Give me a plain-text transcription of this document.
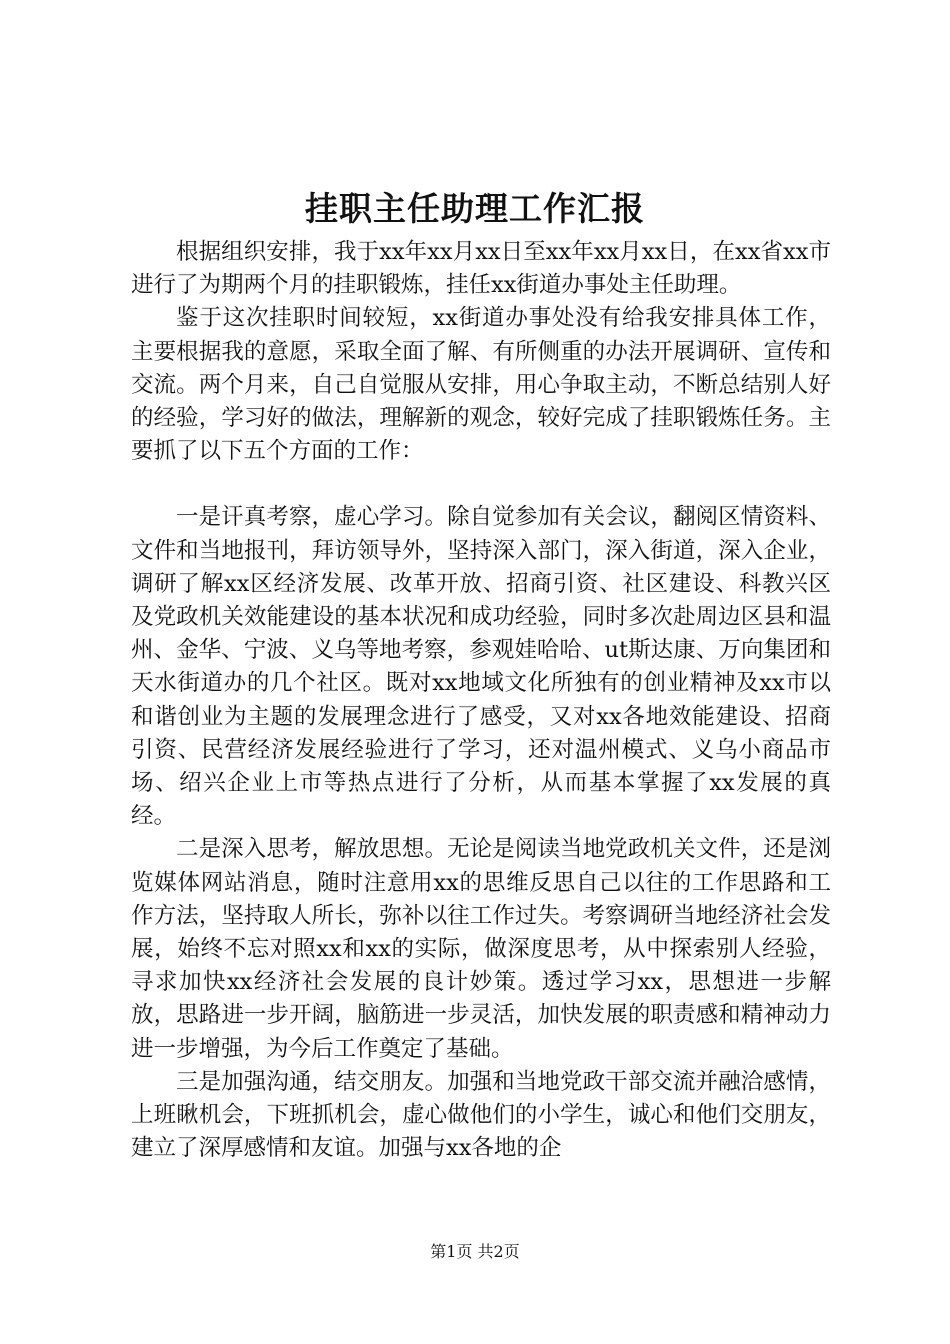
挂职主任助理工作汇报

根据组织安排，我于xx年xx月xx日至xx年xx月xx日，在xx省xx市进行了为期两个月的挂职锻炼，挂任xx街道办事处主任助理。

鉴于这次挂职时间较短，xx街道办事处没有给我安排具体工作，主要根据我的意愿，采取全面了解、有所侧重的办法开展调研、宣传和交流。两个月来，自己自觉服从安排，用心争取主动，不断总结别人好的经验，学习好的做法，理解新的观念，较好完成了挂职锻炼任务。主要抓了以下五个方面的工作：

一是讦真考察，虚心学习。除自觉参加有关会议，翻阅区情资料、文件和当地报刊，拜访领导外，坚持深入部门，深入街道，深入企业，调研了解xx区经济发展、改革开放、招商引资、社区建设、科教兴区及党政机关效能建设的基本状况和成功经验，同时多次赴周边区县和温州、金华、宁波、义乌等地考察，参观娃哈哈、ut斯达康、万向集团和天水街道办的几个社区。既对xx地域文化所独有的创业精神及xx市以和谐创业为主题的发展理念进行了感受，又对xx各地效能建设、招商引资、民营经济发展经验进行了学习，还对温州模式、义乌小商品市场、绍兴企业上市等热点进行了分析，从而基本掌握了xx发展的真经。

二是深入思考，解放思想。无论是阅读当地党政机关文件，还是浏览媒体网站消息，随时注意用xx的思维反思自己以往的工作思路和工作方法，坚持取人所长，弥补以往工作过失。考察调研当地经济社会发展，始终不忘对照xx和xx的实际，做深度思考，从中探索别人经验，寻求加快xx经济社会发展的良计妙策。透过学习xx，思想进一步解放，思路进一步开阔，脑筋进一步灵活，加快发展的职责感和精神动力进一步增强，为今后工作奠定了基础。

三是加强沟通，结交朋友。加强和当地党政干部交流并融洽感情，上班瞅机会，下班抓机会，虚心做他们的小学生，诚心和他们交朋友，建立了深厚感情和友谊。加强与xx各地的企

第1页 共2页
